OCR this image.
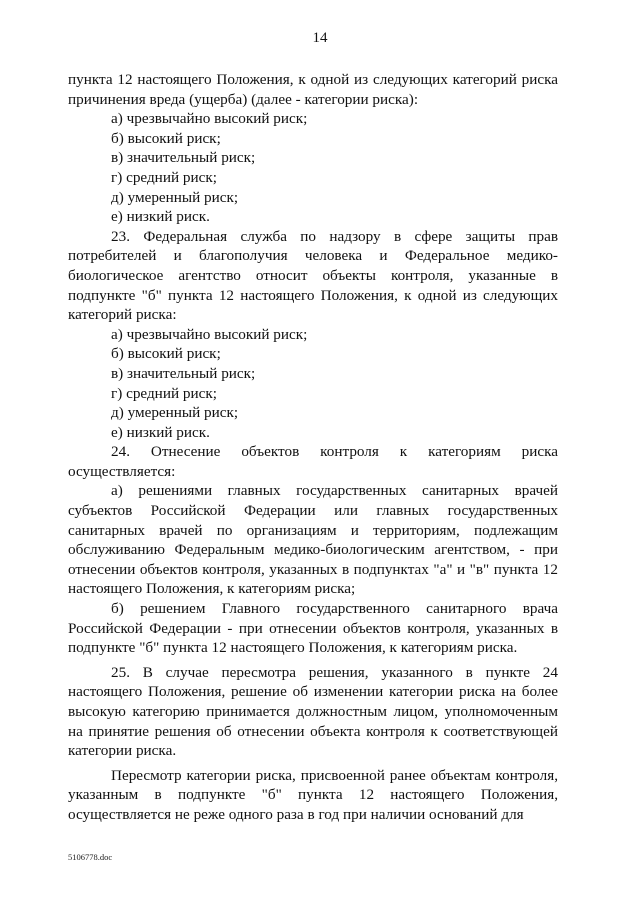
14

пункта 12 настоящего Положения, к одной из следующих категорий риска причинения вреда (ущерба) (далее - категории риска):

а) чрезвычайно высокий риск;

б) высокий риск;

в) значительный риск;

г) средний риск;

д) умеренный риск;

е) низкий риск.

23. Федеральная служба по надзору в сфере защиты прав потребителей и благополучия человека и Федеральное медико-биологическое агентство относит объекты контроля, указанные в подпункте "б" пункта 12 настоящего Положения, к одной из следующих категорий риска:

а) чрезвычайно высокий риск;

б) высокий риск;

в) значительный риск;

г) средний риск;

д) умеренный риск;

е) низкий риск.

24. Отнесение объектов контроля к категориям риска осуществляется:

а) решениями главных государственных санитарных врачей субъектов Российской Федерации или главных государственных санитарных врачей по организациям и территориям, подлежащим обслуживанию Федеральным медико-биологическим агентством, - при отнесении объектов контроля, указанных в подпунктах "а" и "в" пункта 12 настоящего Положения, к категориям риска;

б) решением Главного государственного санитарного врача Российской Федерации - при отнесении объектов контроля, указанных в подпункте "б" пункта 12 настоящего Положения, к категориям риска.

25. В случае пересмотра решения, указанного в пункте 24 настоящего Положения, решение об изменении категории риска на более высокую категорию принимается должностным лицом, уполномоченным на принятие решения об отнесении объекта контроля к соответствующей категории риска.

Пересмотр категории риска, присвоенной ранее объектам контроля, указанным в подпункте "б" пункта 12 настоящего Положения, осуществляется не реже одного раза в год при наличии оснований для

5106778.doc
